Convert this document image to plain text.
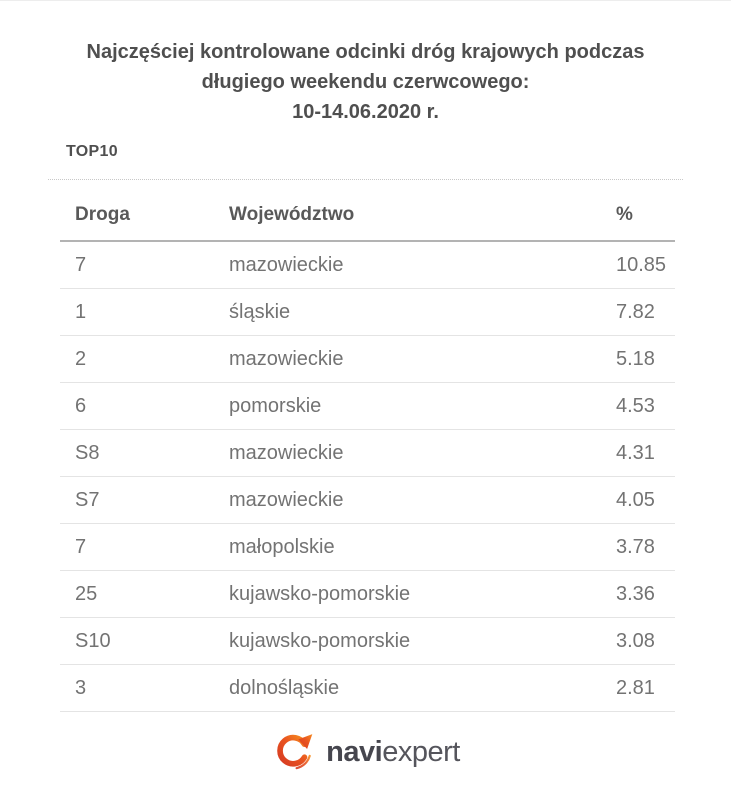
Najczęściej kontrolowane odcinki dróg krajowych podczas
długiego weekendu czerwcowego:
10-14.06.2020 r.
TOP10
Droga	Województwo	%
7	mazowieckie	10.85
1	śląskie	7.82
2	mazowieckie	5.18
6	pomorskie	4.53
S8	mazowieckie	4.31
S7	mazowieckie	4.05
7	małopolskie	3.78
25	kujawsko-pomorskie	3.36
S10	kujawsko-pomorskie	3.08
3	dolnośląskie	2.81
naviexpert
